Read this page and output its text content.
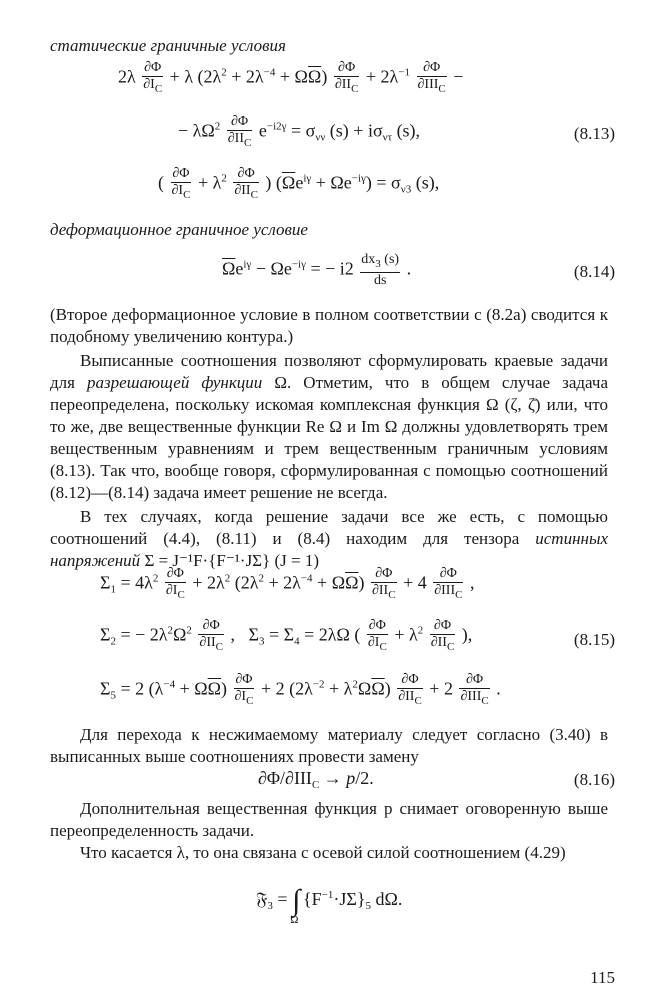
статические граничные условия
$2\lambda \frac{\partial\Phi}{\partial I_C} + \lambda$ $(2\lambda^2 + 2\lambda^{-4} + \Omega\overline{\Omega}) \frac{\partial\Phi}{\partial II_C} + 2\lambda^{-1} \frac{\partial\Phi}{\partial III_C}$ −
− $\lambda\Omega^2 \frac{\partial\Phi}{\partial II_C} e^{-i2\gamma} = \sigma_{\nu\nu}$ $(s) + i\sigma_{\nu\tau}$ (s),	(8.13)
( $\frac{\partial\Phi}{\partial I_C} + \lambda^2 \frac{\partial\Phi}{\partial II_C}$ ) $(\overline{\Omega}e^{i\gamma} + \Omega e^{-i\gamma}) = \sigma_{\nu 3}$ (s),
деформационное граничное условие
$\overline{\Omega}e^{i\gamma} - \Omega e^{-i\gamma}$ = − $i2 \frac{dx_3 (s)}{ds}$ .	(8.14)
(Второе деформационное условие в полном соответствии с (8.2а) сводится к подобному увеличению контура.)
Выписанные соотношения позволяют сформулировать краевые задачи для разрешающей функции Ω. Отметим, что в общем случае задача переопределена, поскольку искомая комплексная функция Ω (ζ, ζ̄) или, что то же, две вещественные функции Re Ω и Im Ω должны удовлетворять трем вещественным уравнениям и трем вещественным граничным условиям (8.13). Так что, вообще говоря, сформулированная с помощью соотношений (8.12)—(8.14) задача имеет решение не всегда.
В тех случаях, когда решение задачи все же есть, с помощью соотношений (4.4), (8.11) и (8.4) находим для тензора истинных напряжений Σ = J⁻¹F·{F⁻¹·JΣ} (J = 1)
$\Sigma_1 = 4\lambda^2 \frac{\partial\Phi}{\partial I_C} + 2\lambda^2$ $(2\lambda^2 + 2\lambda^{-4} + \Omega\overline{\Omega}) \frac{\partial\Phi}{\partial II_C} + 4 \frac{\partial\Phi}{\partial III_C}$ ,
$\Sigma_2$ = − $2\lambda^2\Omega^2 \frac{\partial\Phi}{\partial II_C}$ ,   $\Sigma_3 = \Sigma_4 = 2\lambda\Omega$ ( $\frac{\partial\Phi}{\partial I_C} + \lambda^2 \frac{\partial\Phi}{\partial II_C}$ ),	(8.15)
$\Sigma_5 = 2$ $(\lambda^{-4} + \Omega\overline{\Omega}) \frac{\partial\Phi}{\partial I_C} + 2$ $(2\lambda^{-2} + \lambda^2\Omega\overline{\Omega}) \frac{\partial\Phi}{\partial II_C} + 2 \frac{\partial\Phi}{\partial III_C}$ .
Для перехода к несжимаемому материалу следует согласно (3.40) в выписанных выше соотношениях провести замену
$\partial\Phi/\partial III_C \to p/2$.	(8.16)
Дополнительная вещественная функция p снимает оговоренную выше переопределенность задачи.
Что касается λ, то она связана с осевой силой соотношением (4.29)
𝔉$_3$ = $\int_\Omega$ $\{F^{-1}\cdot J\Sigma\}_5$ dΩ.
115
